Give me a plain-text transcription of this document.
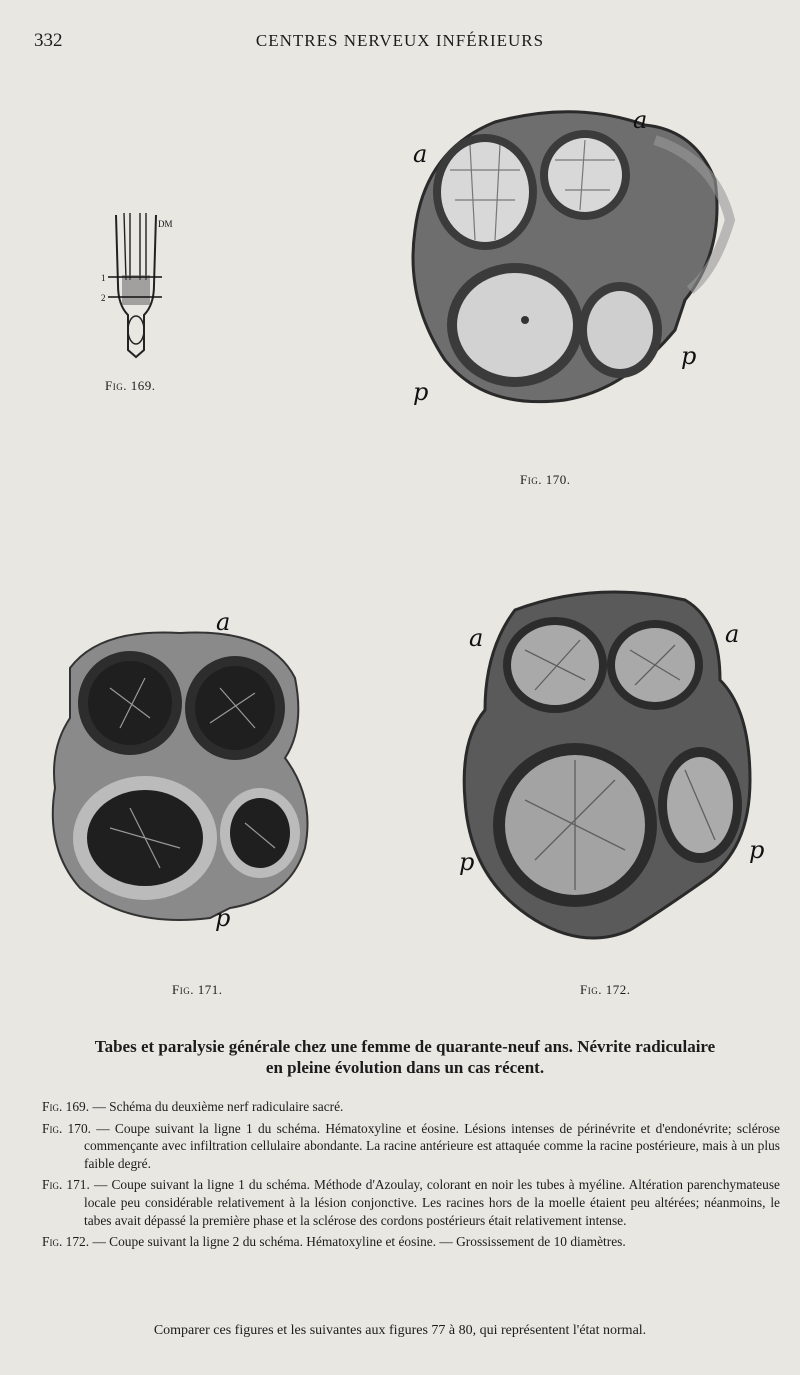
332	CENTRES NERVEUX INFÉRIEURS
DM
1
2
Fig. 169.
a
a
p
p
Fig. 170.
a
p
Fig. 171.
a	a
p	p
Fig. 172.
Tabes et paralysie générale chez une femme de quarante-neuf ans. Névrite radiculaire
en pleine évolution dans un cas récent.
Fig. 169. — Schéma du deuxième nerf radiculaire sacré.
Fig. 170. — Coupe suivant la ligne 1 du schéma. Hématoxyline et éosine. Lésions intenses de périnévrite et d'endonévrite; sclérose commençante avec infiltration cellulaire abondante. La racine antérieure est attaquée comme la racine postérieure, mais à un plus faible degré.
Fig. 171. — Coupe suivant la ligne 1 du schéma. Méthode d'Azoulay, colorant en noir les tubes à myéline. Altération parenchymateuse locale peu considérable relativement à la lésion conjonctive. Les racines hors de la moelle étaient peu altérées; néanmoins, le tabes avait dépassé la première phase et la sclérose des cordons postérieurs était relativement intense.
Fig. 172. — Coupe suivant la ligne 2 du schéma. Hématoxyline et éosine. — Grossissement de 10 diamètres.
Comparer ces figures et les suivantes aux figures 77 à 80, qui représentent l'état normal.
